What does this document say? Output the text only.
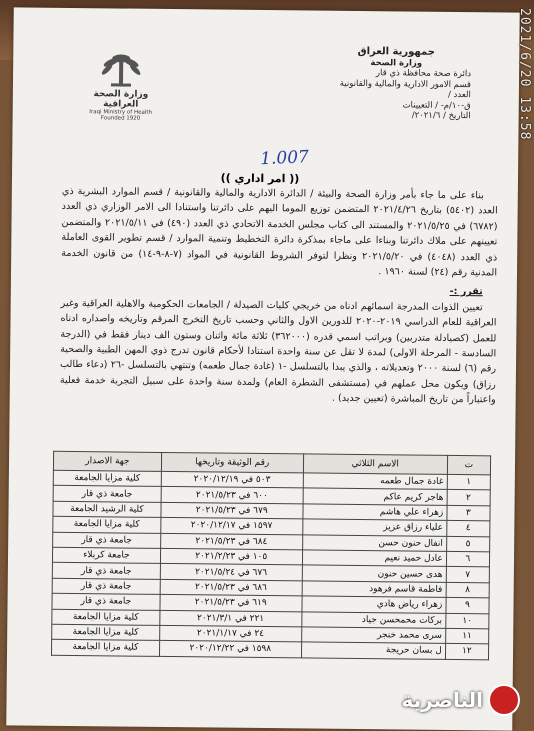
وزارة الصحة العراقية
Iraqi Ministry of Health
Founded 1920
جمهورية العراق
وزارة الصحة
دائرة صحة محافظة ذي قار
قسم الامور الادارية والمالية والقانونية
العدد /
ق-١٠/م- / التعيينات
التاريخ / ٢٠٢١/٦/
1.007
(( امر اداري ))

بناء على ما جاء بأمر وزارة الصحة والبيئة / الدائرة الادارية والمالية والقانونية / قسم الموارد البشرية ذي العدد (٥٤٠٢) بتاريخ ٢٠٢١/٤/٢٦ المتضمن توزيع الموما اليهم على دائرتنا واستنادا الى الامر الوزاري ذي العدد (٦٧٨٢) في ٢٠٢١/٥/٢٥ والمستند الى كتاب مجلس الخدمة الاتحادي ذي العدد (٤٩٠) في ٢٠٢١/٥/١١ والمتضمن تعيينهم على ملاك دائرتنا وبناءا على ماجاء بمذكرة دائرة التخطيط وتنمية الموارد / قسم تطوير القوى العاملة ذي العدد (٤٠٤٨) في ٢٠٢١/٥/٢٠ ونظرا لتوفر الشروط القانونية في المواد (٧-٨-٩-١٤) من قانون الخدمة المدنية رقم (٢٤) لسنة ١٩٦٠ .

تقرر :-

تعيين الذوات المدرجة اسمائهم ادناه من خريجي كليات الصيدلة / الجامعات الحكومية والاهلية العراقية وغير العراقية للعام الدراسي ٢٠١٩-٢٠٢٠ للدورين الاول والثاني وحسب تاريخ التخرج المرقم وتاريخه واصداره ادناه للعمل (كصيادلة متدربين) وبراتب اسمي قدره (٣٦٢٠٠٠) ثلاثة مائة واثنان وستون الف دينار فقط في (الدرجة السادسة - المرحلة الاولى) لمدة لا تقل عن سنة واحدة استنادا لأحكام قانون تدرج ذوي المهن الطبية والصحية رقم (٦) لسنة ٢٠٠٠ وتعديلاته ، والذي يبدا بالتسلسل -١ (غادة جمال طعمه) وتنتهي بالتسلسل -٢٦ (دعاء طالب رزاق) ويكون محل عملهم في (مستشفى الشطرة العام) ولمدة سنة واحدة على سبيل التجربة خدمة فعلية واعتباراً من تاريخ المباشرة (تعيين جديد) .

ت	الاسم الثلاثي	رقم الوثيقة وتاريخها	جهة الاصدار
١	غادة جمال طعمه	٥٠٣ في ٢٠٢٠/١٢/١٩	كلية مزايا الجامعة
٢	هاجر كريم عاكم	٦٠٠ في ٢٠٢١/٥/٢٣	جامعة ذي قار
٣	زهراء علي هاشم	٦٧٩ في ٢٠٢١/٥/٢٣	كلية الرشيد الجامعة
٤	علياء رزاق عزيز	١٥٩٧ في ٢٠٢٠/١٢/١٧	كلية مزايا الجامعة
٥	انفال حنون حسن	٦٨٤ في ٢٠٢١/٥/٢٣	جامعة ذي قار
٦	عادل حميد نعيم	١٠٥ في ٢٠٢١/٢/٢٣	جامعة كربلاء
٧	هدى حسين حنون	٦٧٦ في ٢٠٢١/٥/٢٤	جامعة ذي قار
٨	فاطمة قاسم فرهود	٦٨٦ في ٢٠٢١/٥/٢٣	جامعة ذي قار
٩	زهراء رياض هادي	٦١٩ في ٢٠٢١/٥/٢٣	جامعة ذي قار
١٠	بركات محمحسن جياد	٢٢١ في ٢٠٢١/٣/١	كلية مزايا الجامعة
١١	سرى محمد خنجر	٢٤ في ٢٠٢١/١/١٧	كلية مزايا الجامعة
١٢	ل بسان حريجة	١٥٩٨ في ٢٠٢٠/١٢/٢٢	كلية مزايا الجامعة
2021/6/20 13:58
الناصرية
